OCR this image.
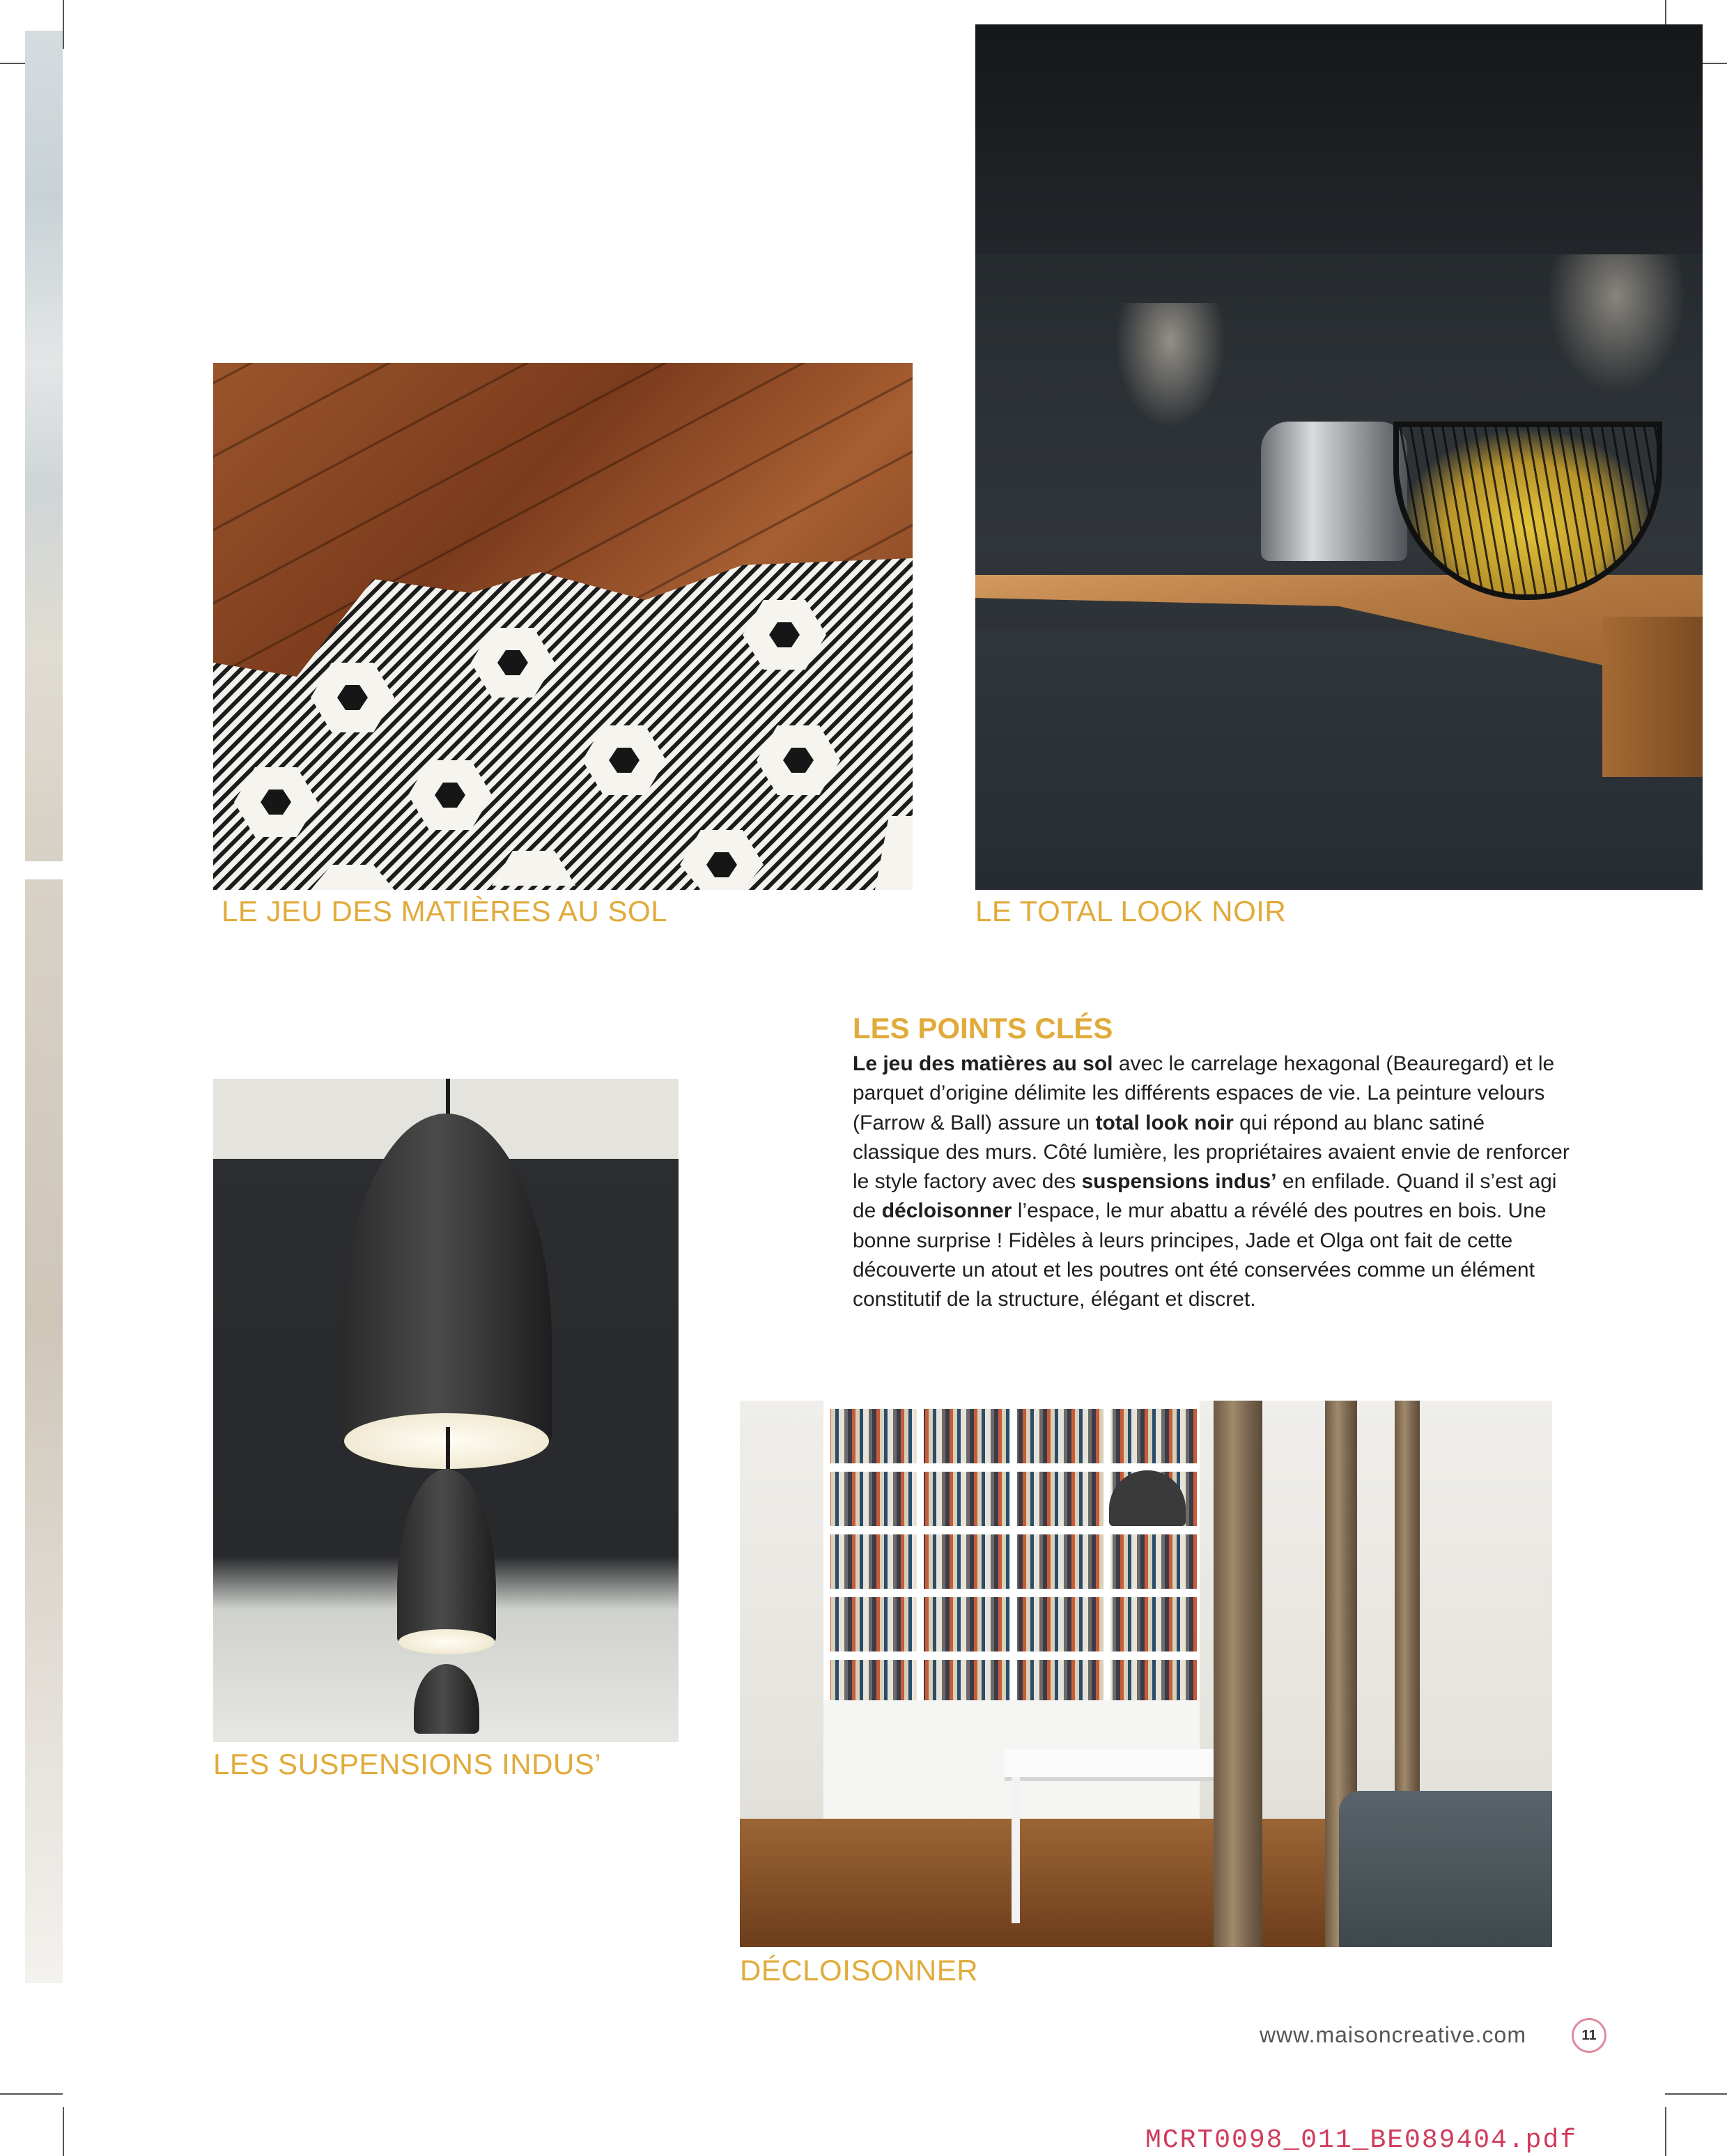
LE JEU DES MATIÈRES AU SOL	LE TOTAL LOOK NOIR
LES SUSPENSIONS INDUS’
DÉCLOISONNER
LES POINTS CLÉS
Le jeu des matières au sol avec le carrelage hexagonal (Beauregard) et le parquet d’origine délimite les différents espaces de vie. La peinture velours (Farrow & Ball) assure un total look noir qui répond au blanc satiné classique des murs. Côté lumière, les propriétaires avaient envie de renforcer le style factory avec des suspensions indus’ en enfilade. Quand il s’est agi de décloisonner l’espace, le mur abattu a révélé des poutres en bois. Une bonne surprise ! Fidèles à leurs principes, Jade et Olga ont fait de cette découverte un atout et les poutres ont été conservées comme un élément constitutif de la structure, élégant et discret.
www.maisoncreative.com	11
MCRT0098_011_BE089404.pdf
